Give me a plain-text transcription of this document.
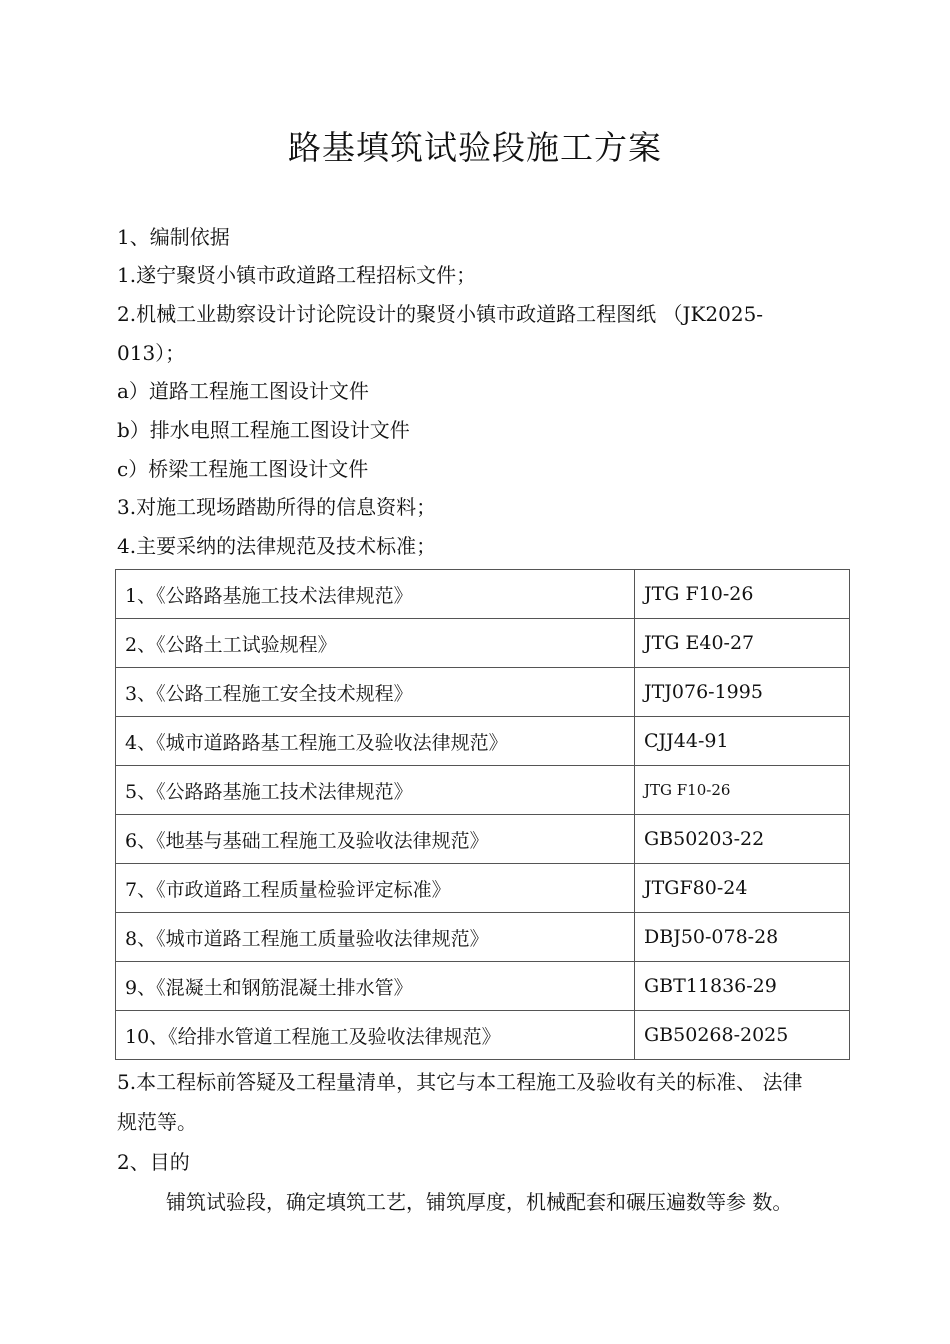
路基填筑试验段施工方案
1、编制依据
1.遂宁聚贤小镇市政道路工程招标文件；
2.机械工业勘察设计讨论院设计的聚贤小镇市政道路工程图纸 （JK2025-
013）；
a）道路工程施工图设计文件
b）排水电照工程施工图设计文件
c）桥梁工程施工图设计文件
3.对施工现场踏勘所得的信息资料；
4.主要采纳的法律规范及技术标准；
1、《公路路基施工技术法律规范》	JTG F10-26
2、《公路土工试验规程》	JTG E40-27
3、《公路工程施工安全技术规程》	JTJ076-1995
4、《城市道路路基工程施工及验收法律规范》	CJJ44-91
5、《公路路基施工技术法律规范》	JTG F10-26
6、《地基与基础工程施工及验收法律规范》	GB50203-22
7、《市政道路工程质量检验评定标准》	JTGF80-24
8、《城市道路工程施工质量验收法律规范》	DBJ50-078-28
9、《混凝土和钢筋混凝土排水管》	GBT11836-29
10、《给排水管道工程施工及验收法律规范》	GB50268-2025
5.本工程标前答疑及工程量清单，其它与本工程施工及验收有关的标准、 法律
规范等。
2、目的
铺筑试验段，确定填筑工艺，铺筑厚度，机械配套和碾压遍数等参 数。
